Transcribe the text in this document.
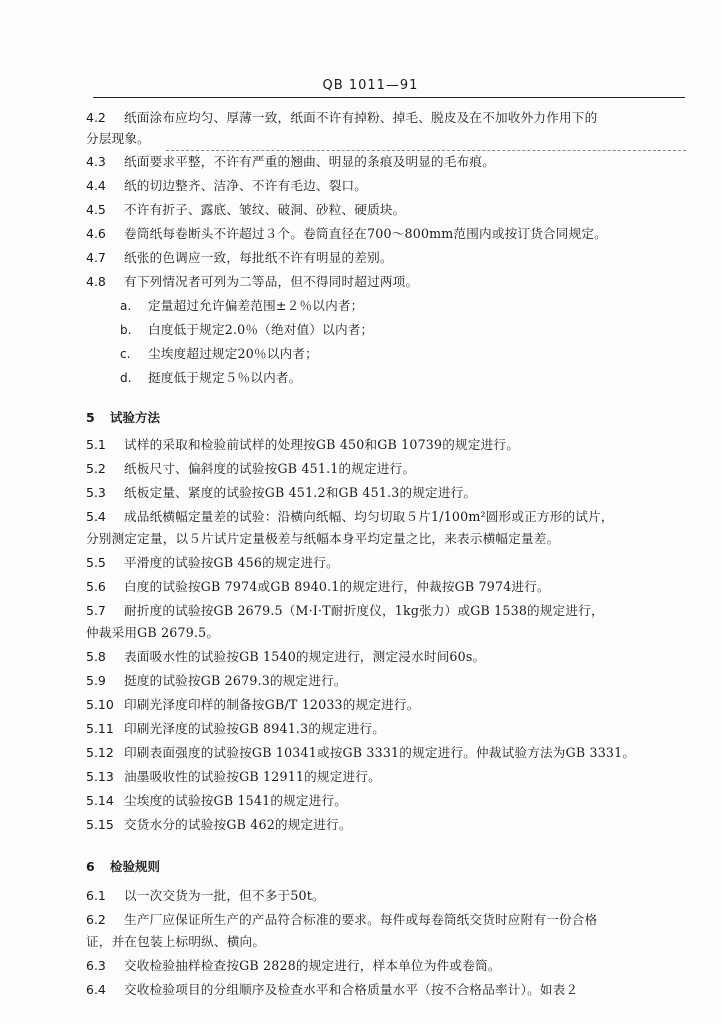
QB 1011—91
4.2 纸面涂布应均匀、厚薄一致，纸面不许有掉粉、掉毛、脱皮及在不加收外力作用下的
分层现象。
4.3 纸面要求平整，不许有严重的翘曲、明显的条痕及明显的毛布痕。
4.4 纸的切边整齐、洁净、不许有毛边、裂口。
4.5 不许有折子、露底、皱纹、破洞、砂粒、硬质块。
4.6 卷筒纸每卷断头不许超过３个。卷筒直径在700～800mm范围内或按订货合同规定。
4.7 纸张的色调应一致，每批纸不许有明显的差别。
4.8 有下列情况者可列为二等品，但不得同时超过两项。
a. 定量超过允许偏差范围±２％以内者；
b. 白度低于规定2.0％（绝对值）以内者；
c. 尘埃度超过规定20％以内者；
d. 挺度低于规定５％以内者。
5 试验方法
5.1 试样的采取和检验前试样的处理按GB 450和GB 10739的规定进行。
5.2 纸板尺寸、偏斜度的试验按GB 451.1的规定进行。
5.3 纸板定量、紧度的试验按GB 451.2和GB 451.3的规定进行。
5.4 成品纸横幅定量差的试验：沿横向纸幅、均匀切取５片1/100m²圆形或正方形的试片，
分别测定定量，以５片试片定量极差与纸幅本身平均定量之比，来表示横幅定量差。
5.5 平滑度的试验按GB 456的规定进行。
5.6 白度的试验按GB 7974或GB 8940.1的规定进行，仲裁按GB 7974进行。
5.7 耐折度的试验按GB 2679.5（M·I·T耐折度仪，1kg张力）或GB 1538的规定进行，
仲裁采用GB 2679.5。
5.8 表面吸水性的试验按GB 1540的规定进行，测定浸水时间60s。
5.9 挺度的试验按GB 2679.3的规定进行。
5.10 印刷光泽度印样的制备按GB/T 12033的规定进行。
5.11 印刷光泽度的试验按GB 8941.3的规定进行。
5.12 印刷表面强度的试验按GB 10341或按GB 3331的规定进行。仲裁试验方法为GB 3331。
5.13 油墨吸收性的试验按GB 12911的规定进行。
5.14 尘埃度的试验按GB 1541的规定进行。
5.15 交货水分的试验按GB 462的规定进行。
6 检验规则
6.1 以一次交货为一批，但不多于50t。
6.2 生产厂应保证所生产的产品符合标准的要求。每件或每卷筒纸交货时应附有一份合格
证，并在包装上标明纵、横向。
6.3 交收检验抽样检查按GB 2828的规定进行，样本单位为件或卷筒。
6.4 交收检验项目的分组顺序及检查水平和合格质量水平（按不合格品率计）。如表２
